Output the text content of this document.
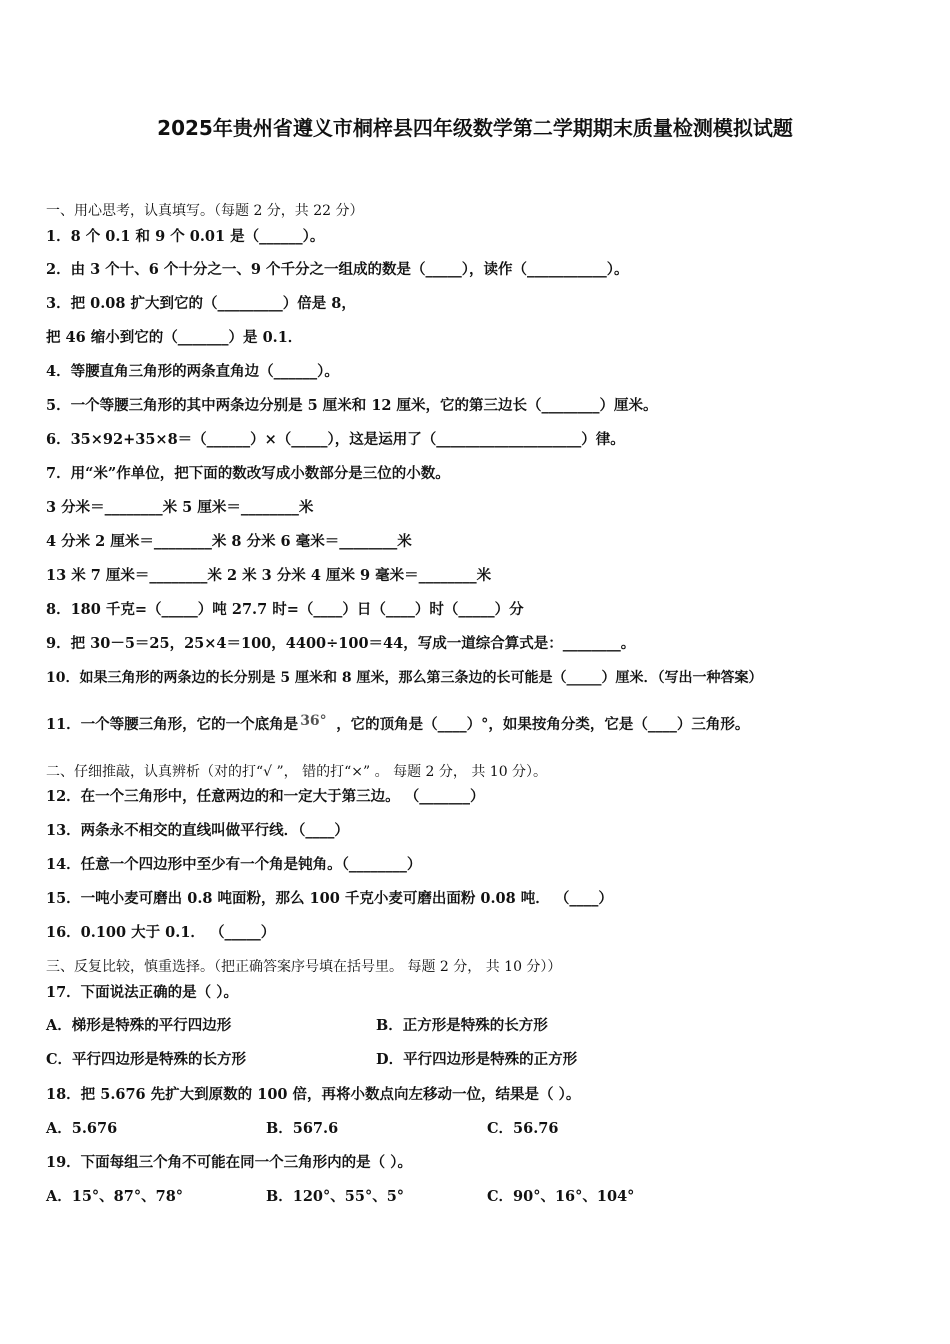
2025年贵州省遵义市桐梓县四年级数学第二学期期末质量检测模拟试题
一、用心思考，认真填写。（每题 2 分，共 22 分）
1．8 个 0.1 和 9 个 0.01 是（______）。
2．由 3 个十、6 个十分之一、9 个千分之一组成的数是（_____），读作（___________）。
3．把 0.08 扩大到它的（_________）倍是 8，
把 46 缩小到它的（_______）是 0.1．
4．等腰直角三角形的两条直角边（______）。
5．一个等腰三角形的其中两条边分别是 5 厘米和 12 厘米，它的第三边长（________）厘米。
6．35×92+35×8＝（______）×（_____），这是运用了（____________________）律。
7．用“米”作单位，把下面的数改写成小数部分是三位的小数。
3 分米＝________米 5 厘米＝________米
4 分米 2 厘米＝________米 8 分米 6 毫米＝________米
13 米 7 厘米＝________米 2 米 3 分米 4 厘米 9 毫米＝________米
8．180 千克=（_____）吨 27.7 时=（____）日（____）时（_____）分
9．把 30－5＝25，25×4＝100，4400÷100＝44，写成一道综合算式是：________。
10．如果三角形的两条边的长分别是 5 厘米和 8 厘米，那么第三条边的长可能是（_____）厘米．（写出一种答案）
11．一个等腰三角形，它的一个底角是 36° ，它的顶角是（____）°，如果按角分类，它是（____）三角形。
二、仔细推敲，认真辨析（对的打“√ ”， 错的打“×” 。 每题 2 分， 共 10 分）。
12．在一个三角形中，任意两边的和一定大于第三边。 （_______）
13．两条永不相交的直线叫做平行线．（____）
14．任意一个四边形中至少有一个角是钝角。（________）
15．一吨小麦可磨出 0.8 吨面粉，那么 100 千克小麦可磨出面粉 0.08 吨． （____）
16．0.100 大于 0.1． （_____）
三、反复比较，慎重选择。（把正确答案序号填在括号里。 每题 2 分， 共 10 分））
17．下面说法正确的是（ ）。
A．梯形是特殊的平行四边形	B．正方形是特殊的长方形
C．平行四边形是特殊的长方形	D．平行四边形是特殊的正方形
18．把 5.676 先扩大到原数的 100 倍，再将小数点向左移动一位，结果是（ ）。
A．5.676	B．567.6	C．56.76
19．下面每组三个角不可能在同一个三角形内的是（ ）。
A．15°、87°、78°	B．120°、55°、5°	C．90°、16°、104°
